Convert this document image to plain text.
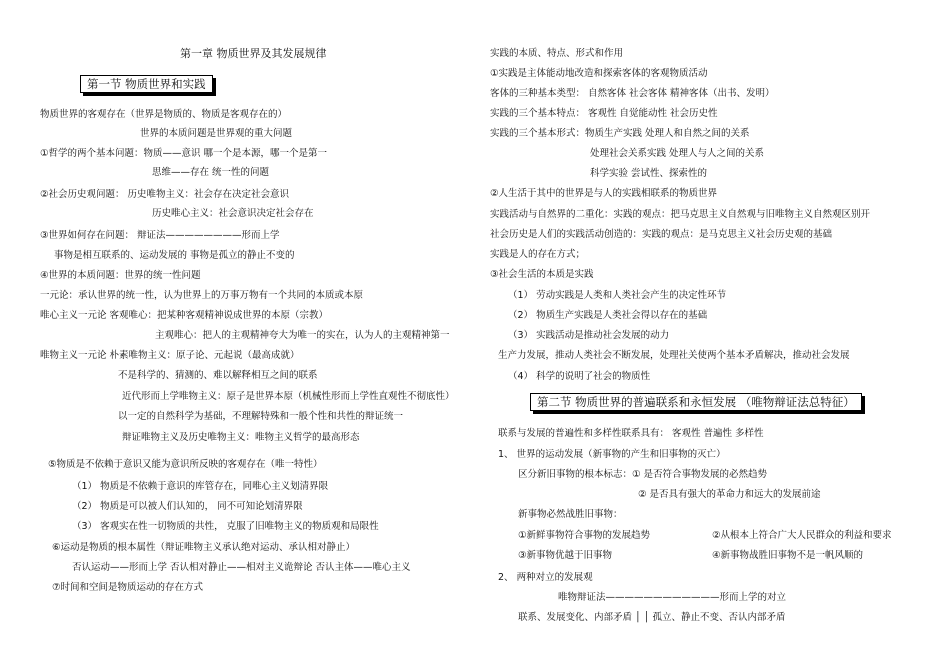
第一章 物质世界及其发展规律
第一节 物质世界和实践
物质世界的客观存在（世界是物质的、物质是客观存在的）
世界的本质问题是世界观的重大问题
①哲学的两个基本问题：物质——意识 哪一个是本源，哪一个是第一
思维——存在 统一性的问题
②社会历史观问题： 历史唯物主义：社会存在决定社会意识
历史唯心主义：社会意识决定社会存在
③世界如何存在问题： 辩证法————————形而上学
事物是相互联系的、运动发展的 事物是孤立的静止不变的
④世界的本质问题：世界的统一性问题
一元论：承认世界的统一性，认为世界上的万事万物有一个共同的本质或本原
唯心主义一元论 客观唯心：把某种客观精神说成世界的本原（宗教）
主观唯心：把人的主观精神夸大为唯一的实在，认为人的主观精神第一
唯物主义一元论 朴素唯物主义：原子论、元起说（最高成就）
不是科学的、猜测的、难以解释相互之间的联系
近代形而上学唯物主义：原子是世界本原（机械性形而上学性直观性不彻底性）
以一定的自然科学为基础，不理解特殊和一般个性和共性的辩证统一
辩证唯物主义及历史唯物主义：唯物主义哲学的最高形态
⑤物质是不依赖于意识又能为意识所反映的客观存在（唯一特性）
（1） 物质是不依赖于意识的库管存在，同唯心主义划清界限
（2） 物质是可以被人们认知的， 同不可知论划清界限
（3） 客观实在性一切物质的共性， 克服了旧唯物主义的物质观和局限性
⑥运动是物质的根本属性（辩证唯物主义承认绝对运动、承认相对静止）
否认运动——形而上学 否认相对静止——相对主义诡辩论 否认主体——唯心主义
⑦时间和空间是物质运动的存在方式
实践的本质、特点、形式和作用
①实践是主体能动地改造和探索客体的客观物质活动
客体的三种基本类型： 自然客体 社会客体 精神客体（出书、发明）
实践的三个基本特点： 客观性 自觉能动性 社会历史性
实践的三个基本形式：物质生产实践 处理人和自然之间的关系
处理社会关系实践 处理人与人之间的关系
科学实验 尝试性、探索性的
②人生活于其中的世界是与人的实践相联系的物质世界
实践活动与自然界的二重化：实践的观点：把马克思主义自然观与旧唯物主义自然观区别开
社会历史是人们的实践活动创造的：实践的观点：是马克思主义社会历史观的基础
实践是人的存在方式；
③社会生活的本质是实践
（1） 劳动实践是人类和人类社会产生的决定性环节
（2） 物质生产实践是人类社会得以存在的基础
（3） 实践活动是推动社会发展的动力
生产力发展，推动人类社会不断发展，处理社关使两个基本矛盾解决，推动社会发展
（4） 科学的说明了社会的物质性
第二节 物质世界的普遍联系和永恒发展 （唯物辩证法总特征）
联系与发展的普遍性和多样性联系具有： 客观性 普遍性 多样性
1、 世界的运动发展（新事物的产生和旧事物的灭亡）
区分新旧事物的根本标志：① 是否符合事物发展的必然趋势
② 是否具有强大的革命力和远大的发展前途
新事物必然战胜旧事物：
①新鲜事物符合事物的发展趋势	②从根本上符合广大人民群众的利益和要求
③新事物优越于旧事物	④新事物战胜旧事物不是一帆风顺的
2、 两种对立的发展观
唯物辩证法————————————形而上学的对立
联系、发展变化、内部矛盾 │ │ 孤立、静止不变、否认内部矛盾
